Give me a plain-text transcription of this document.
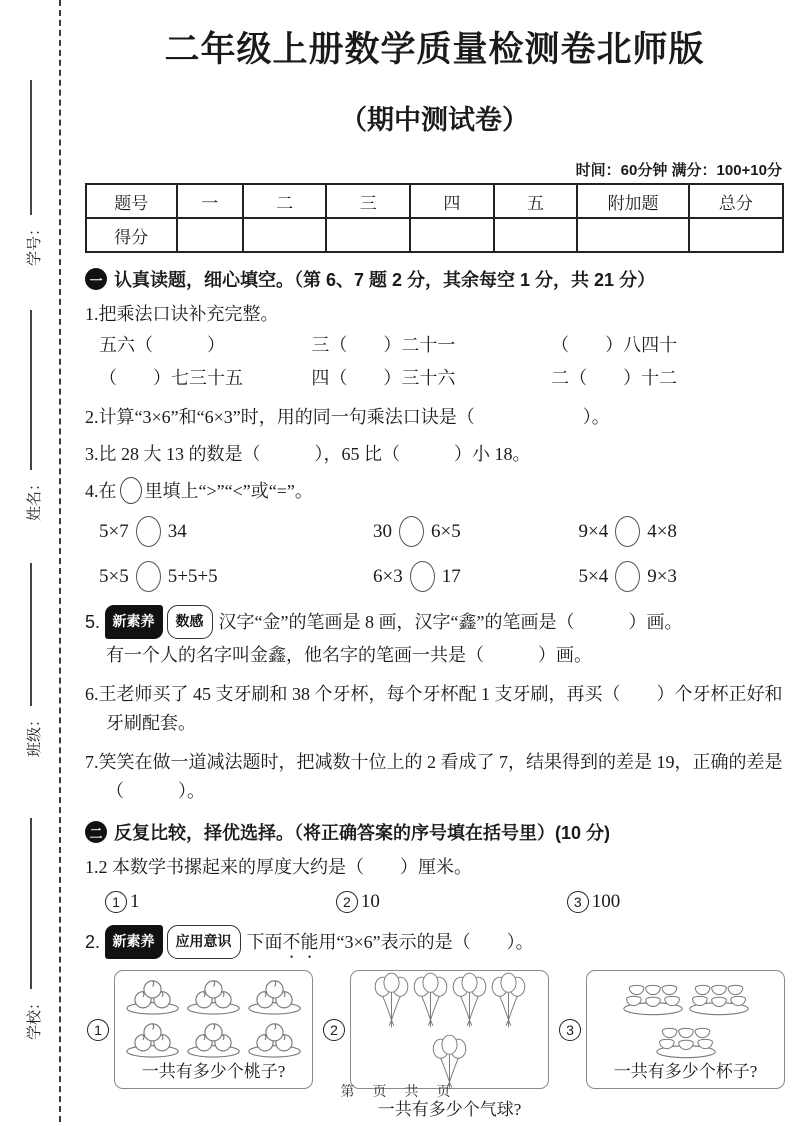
学号：
姓名：
班级：
学校：
二年级上册数学质量检测卷北师版
（期中测试卷）
时间：60分钟 满分：100+10分
题号	一	二	三	四	五	附加题	总分
得分							
一 认真读题，细心填空。（第 6、7 题 2 分，其余每空 1 分，共 21 分）
1.把乘法口诀补充完整。
五六（　　　）	三（　　）二十一	（　　）八四十
（　　）七三十五	四（　　）三十六	二（　　）十二
2.计算“3×6”和“6×3”时，用的同一句乘法口诀是（　　　　　　）。
3.比 28 大 13 的数是（　　　），65 比（　　　）小 18。
4.在 里填上“>”“<”或“=”。
5×7 34	30 6×5	9×4 4×8
5×5 5+5+5	6×3 17	5×4 9×3
5. 新素养 数感 汉字“金”的笔画是 8 画，汉字“鑫”的笔画是（　　　）画。
有一个人的名字叫金鑫，他名字的笔画一共是（　　　）画。
6.王老师买了 45 支牙刷和 38 个牙杯，每个牙杯配 1 支牙刷，再买（　　）个牙杯正好和牙刷配套。
7.笑笑在做一道减法题时，把减数十位上的 2 看成了 7，结果得到的差是 19，正确的差是（　　　）。
二 反复比较，择优选择。（将正确答案的序号填在括号里）(10 分)
1.2 本数学书摞起来的厚度大约是（　　）厘米。
1 1	2 10	3 100
2. 新素养 应用意识 下面不能用“3×6”表示的是（　　）。
1
一共有多少个桃子?
2
一共有多少个气球?
3
一共有多少个杯子?
第　页　共　页
